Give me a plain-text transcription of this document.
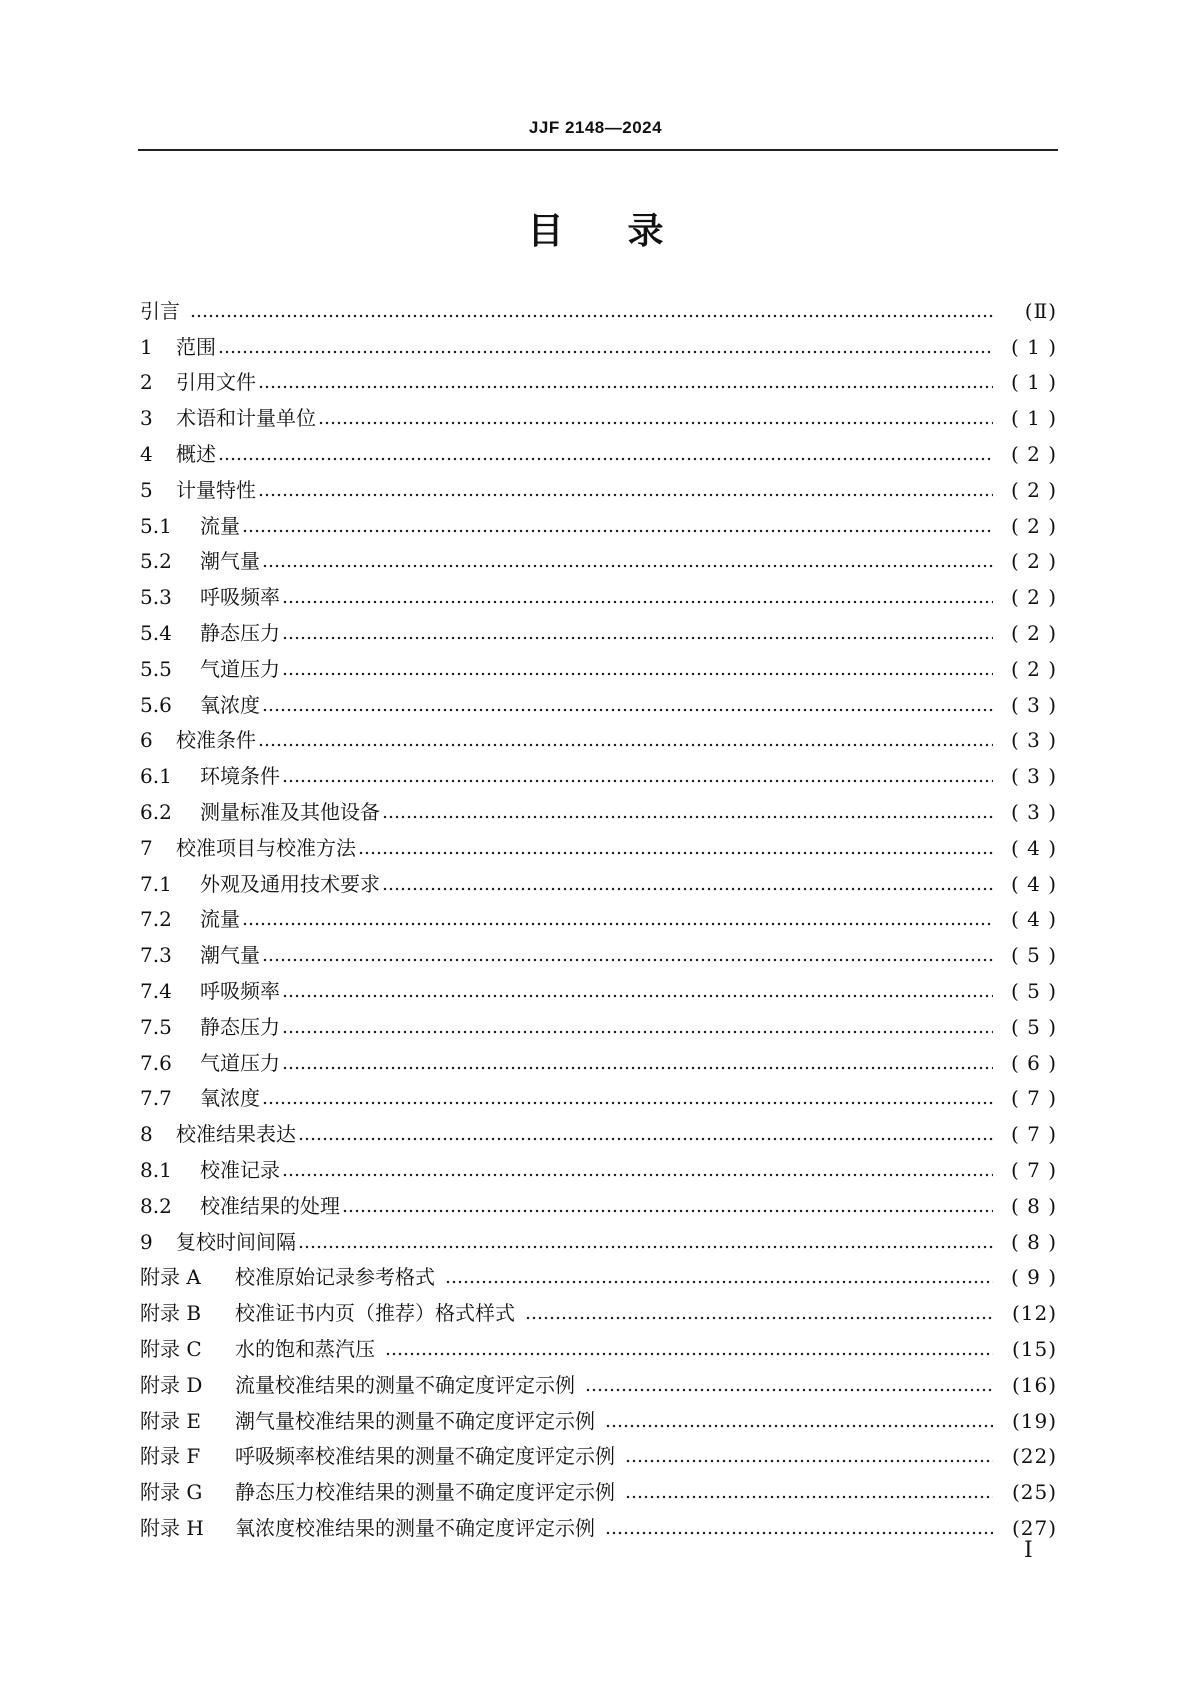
JJF 2148—2024
目 录
引言	(Ⅱ)
1	范围	( 1 )
2	引用文件	( 1 )
3	术语和计量单位	( 1 )
4	概述	( 2 )
5	计量特性	( 2 )
5.1	流量	( 2 )
5.2	潮气量	( 2 )
5.3	呼吸频率	( 2 )
5.4	静态压力	( 2 )
5.5	气道压力	( 2 )
5.6	氧浓度	( 3 )
6	校准条件	( 3 )
6.1	环境条件	( 3 )
6.2	测量标准及其他设备	( 3 )
7	校准项目与校准方法	( 4 )
7.1	外观及通用技术要求	( 4 )
7.2	流量	( 4 )
7.3	潮气量	( 5 )
7.4	呼吸频率	( 5 )
7.5	静态压力	( 5 )
7.6	气道压力	( 6 )
7.7	氧浓度	( 7 )
8	校准结果表达	( 7 )
8.1	校准记录	( 7 )
8.2	校准结果的处理	( 8 )
9	复校时间间隔	( 8 )
附录 A	校准原始记录参考格式	( 9 )
附录 B	校准证书内页（推荐）格式样式	(12)
附录 C	水的饱和蒸汽压	(15)
附录 D	流量校准结果的测量不确定度评定示例	(16)
附录 E	潮气量校准结果的测量不确定度评定示例	(19)
附录 F	呼吸频率校准结果的测量不确定度评定示例	(22)
附录 G	静态压力校准结果的测量不确定度评定示例	(25)
附录 H	氧浓度校准结果的测量不确定度评定示例	(27)
Ⅰ
